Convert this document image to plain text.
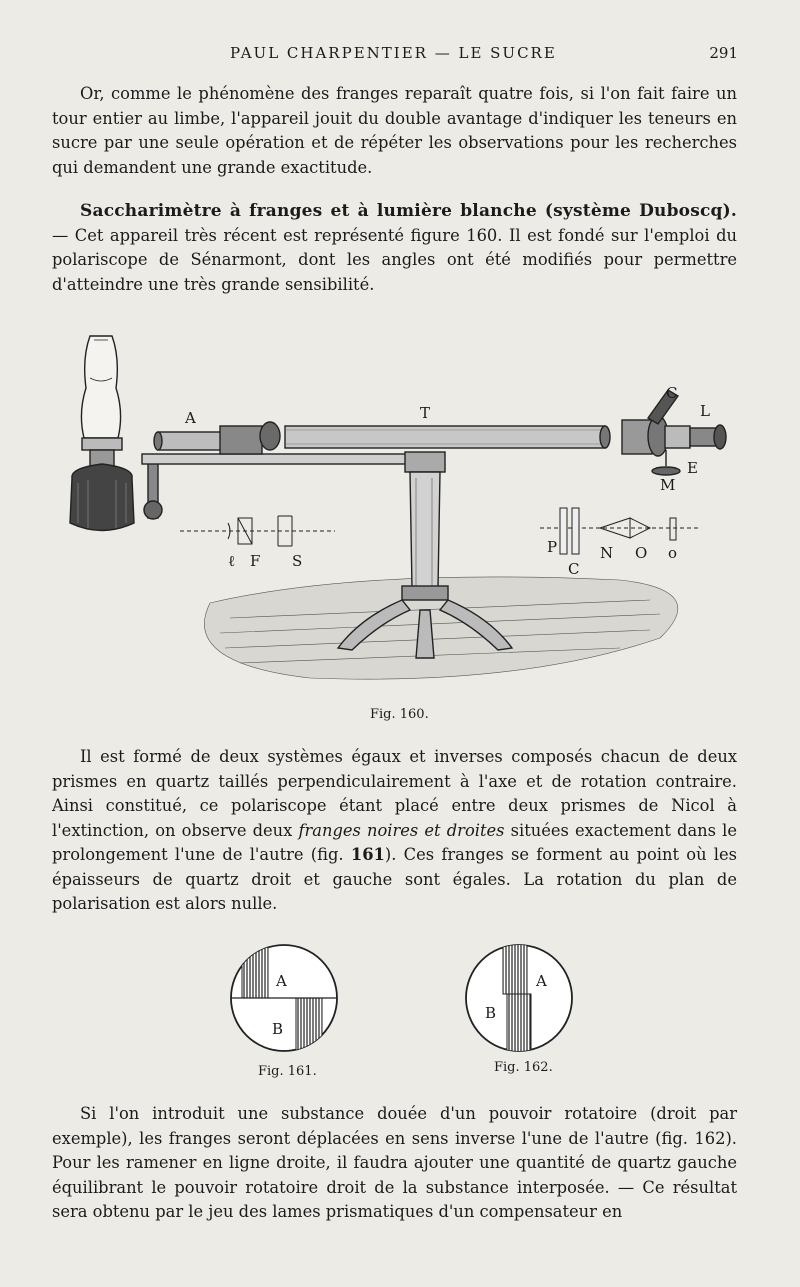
PAUL CHARPENTIER — LE SUCRE	291

Or, comme le phénomène des franges reparaît quatre fois, si l'on fait faire un tour entier au limbe, l'appareil jouit du double avantage d'indiquer les teneurs en sucre par une seule opération et de répéter les observations pour les recherches qui demandent une grande exactitude.

Saccharimètre à franges et à lumière blanche (système Duboscq). — Cet appareil très récent est représenté figure 160. Il est fondé sur l'emploi du polariscope de Sénarmont, dont les angles ont été modifiés pour permettre d'atteindre une très grande sensibilité.

A	T
C
L
E
M
ℓ F S
P
C
N O o
Fig. 160.

Il est formé de deux systèmes égaux et inverses composés chacun de deux prismes en quartz taillés perpendiculairement à l'axe et de rotation contraire. Ainsi constitué, ce polariscope étant placé entre deux prismes de Nicol à l'extinction, on observe deux franges noires et droites situées exactement dans le prolongement l'une de l'autre (fig. 161). Ces franges se forment au point où les épaisseurs de quartz droit et gauche sont égales. La rotation du plan de polarisation est alors nulle.

A
B
Fig. 161.
A
B
Fig. 162.

Si l'on introduit une substance douée d'un pouvoir rotatoire (droit par exemple), les franges seront déplacées en sens inverse l'une de l'autre (fig. 162). Pour les ramener en ligne droite, il faudra ajouter une quantité de quartz gauche équilibrant le pouvoir rotatoire droit de la substance interposée. — Ce résultat sera obtenu par le jeu des lames prismatiques d'un compensateur en
